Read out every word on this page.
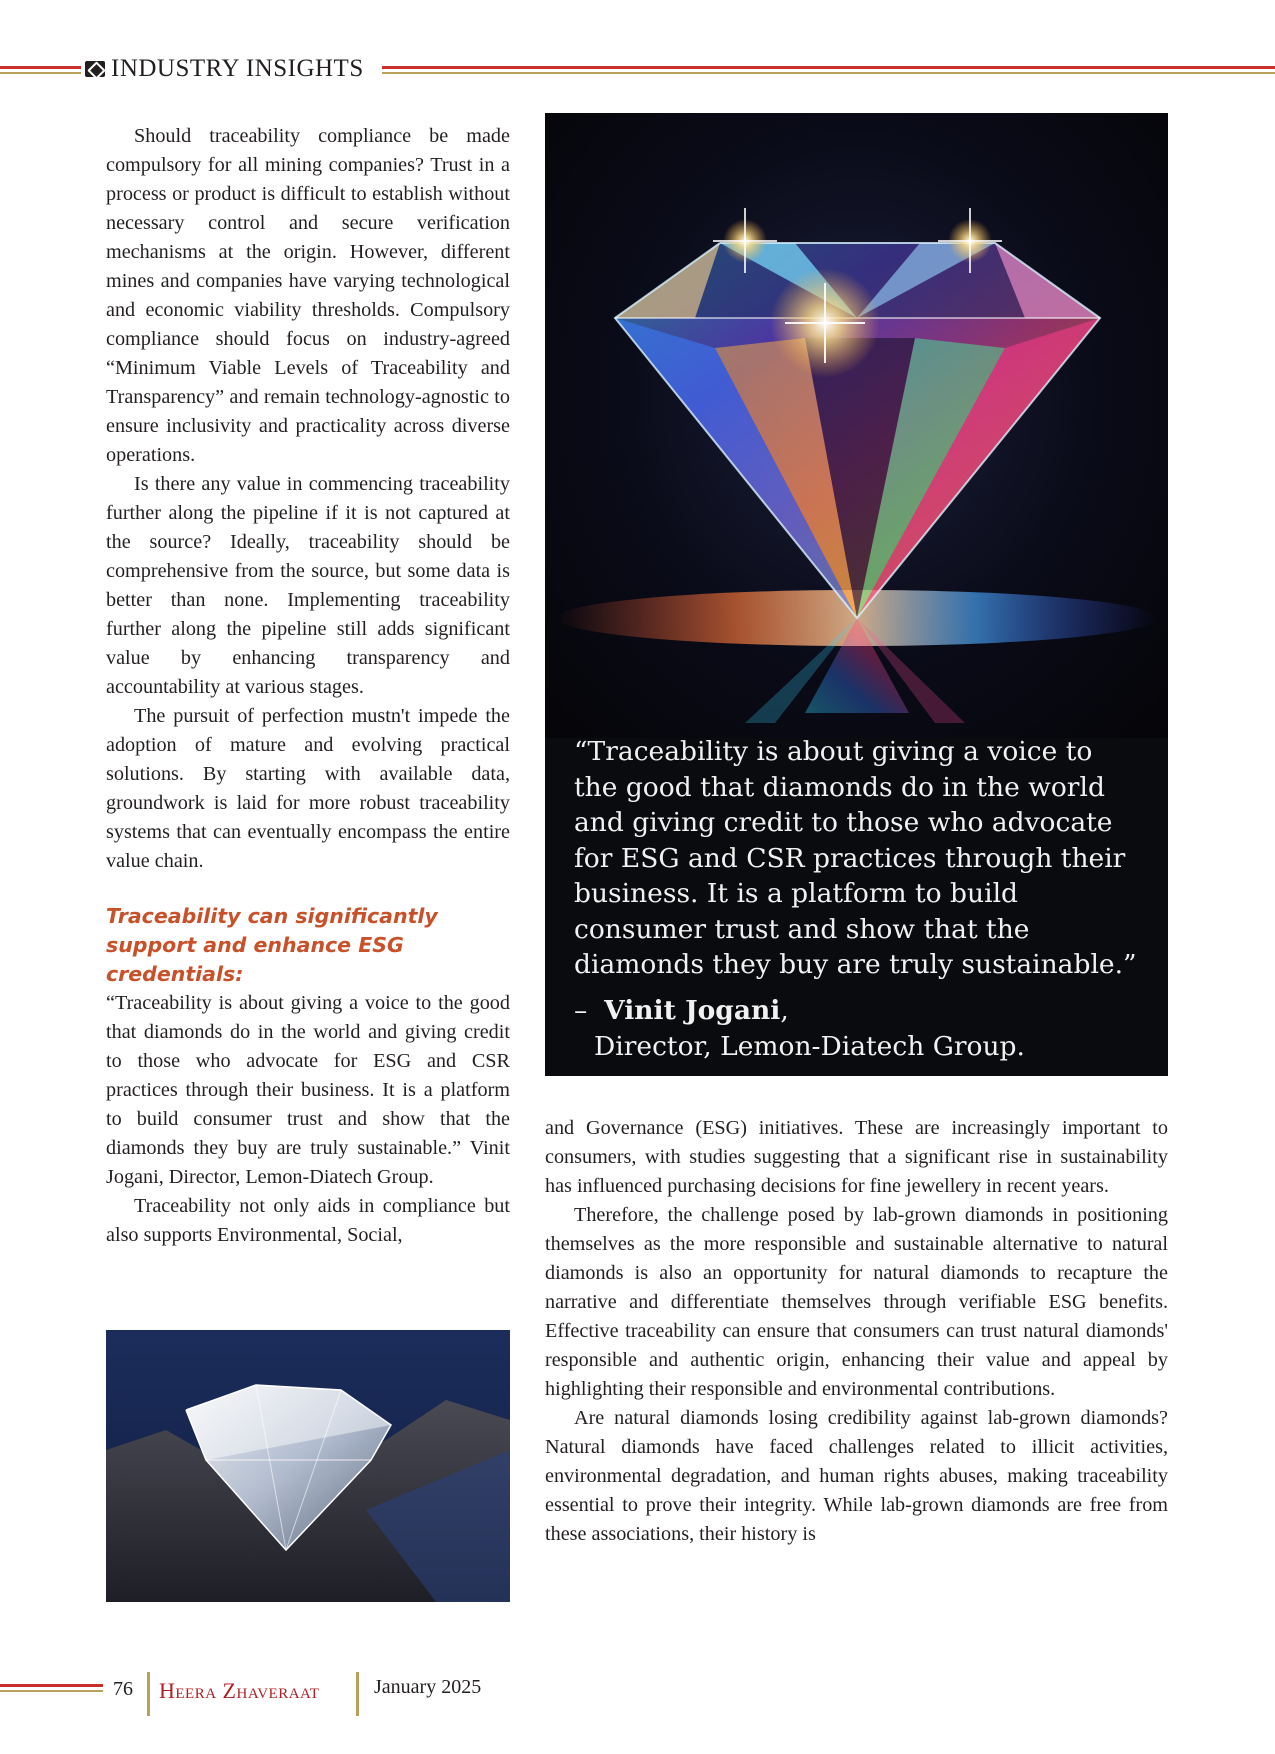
INDUSTRY INSIGHTS

Should traceability compliance be made compulsory for all mining companies? Trust in a process or product is difficult to establish without necessary control and secure verification mechanisms at the origin. However, different mines and companies have varying technological and economic viability thresholds. Compulsory compliance should focus on industry-agreed “Minimum Viable Levels of Traceability and Transparency” and remain technology-agnostic to ensure inclusivity and practicality across diverse operations.

Is there any value in commencing traceability further along the pipeline if it is not captured at the source? Ideally, traceability should be comprehensive from the source, but some data is better than none. Implementing traceability further along the pipeline still adds significant value by enhancing transparency and accountability at various stages.

The pursuit of perfection mustn't impede the adoption of mature and evolving practical solutions. By starting with available data, groundwork is laid for more robust traceability systems that can eventually encompass the entire value chain.

Traceability can significantly support and enhance ESG credentials:

“Traceability is about giving a voice to the good that diamonds do in the world and giving credit to those who advocate for ESG and CSR practices through their business. It is a platform to build consumer trust and show that the diamonds they buy are truly sustainable.” Vinit Jogani, Director, Lemon-Diatech Group.

Traceability not only aids in compliance but also supports Environmental, Social,

“Traceability is about giving a voice to the good that diamonds do in the world and giving credit to those who advocate for ESG and CSR practices through their business. It is a platform to build consumer trust and show that the diamonds they buy are truly sustainable.”
– Vinit Jogani,
Director, Lemon-Diatech Group.

and Governance (ESG) initiatives. These are increasingly important to consumers, with studies suggesting that a significant rise in sustainability has influenced purchasing decisions for fine jewellery in recent years.

Therefore, the challenge posed by lab-grown diamonds in positioning themselves as the more responsible and sustainable alternative to natural diamonds is also an opportunity for natural diamonds to recapture the narrative and differentiate themselves through verifiable ESG benefits. Effective traceability can ensure that consumers can trust natural diamonds' responsible and authentic origin, enhancing their value and appeal by highlighting their responsible and environmental contributions.

Are natural diamonds losing credibility against lab-grown diamonds? Natural diamonds have faced challenges related to illicit activities, environmental degradation, and human rights abuses, making traceability essential to prove their integrity. While lab-grown diamonds are free from these associations, their history is

76 Heera Zhaveraat	January 2025
